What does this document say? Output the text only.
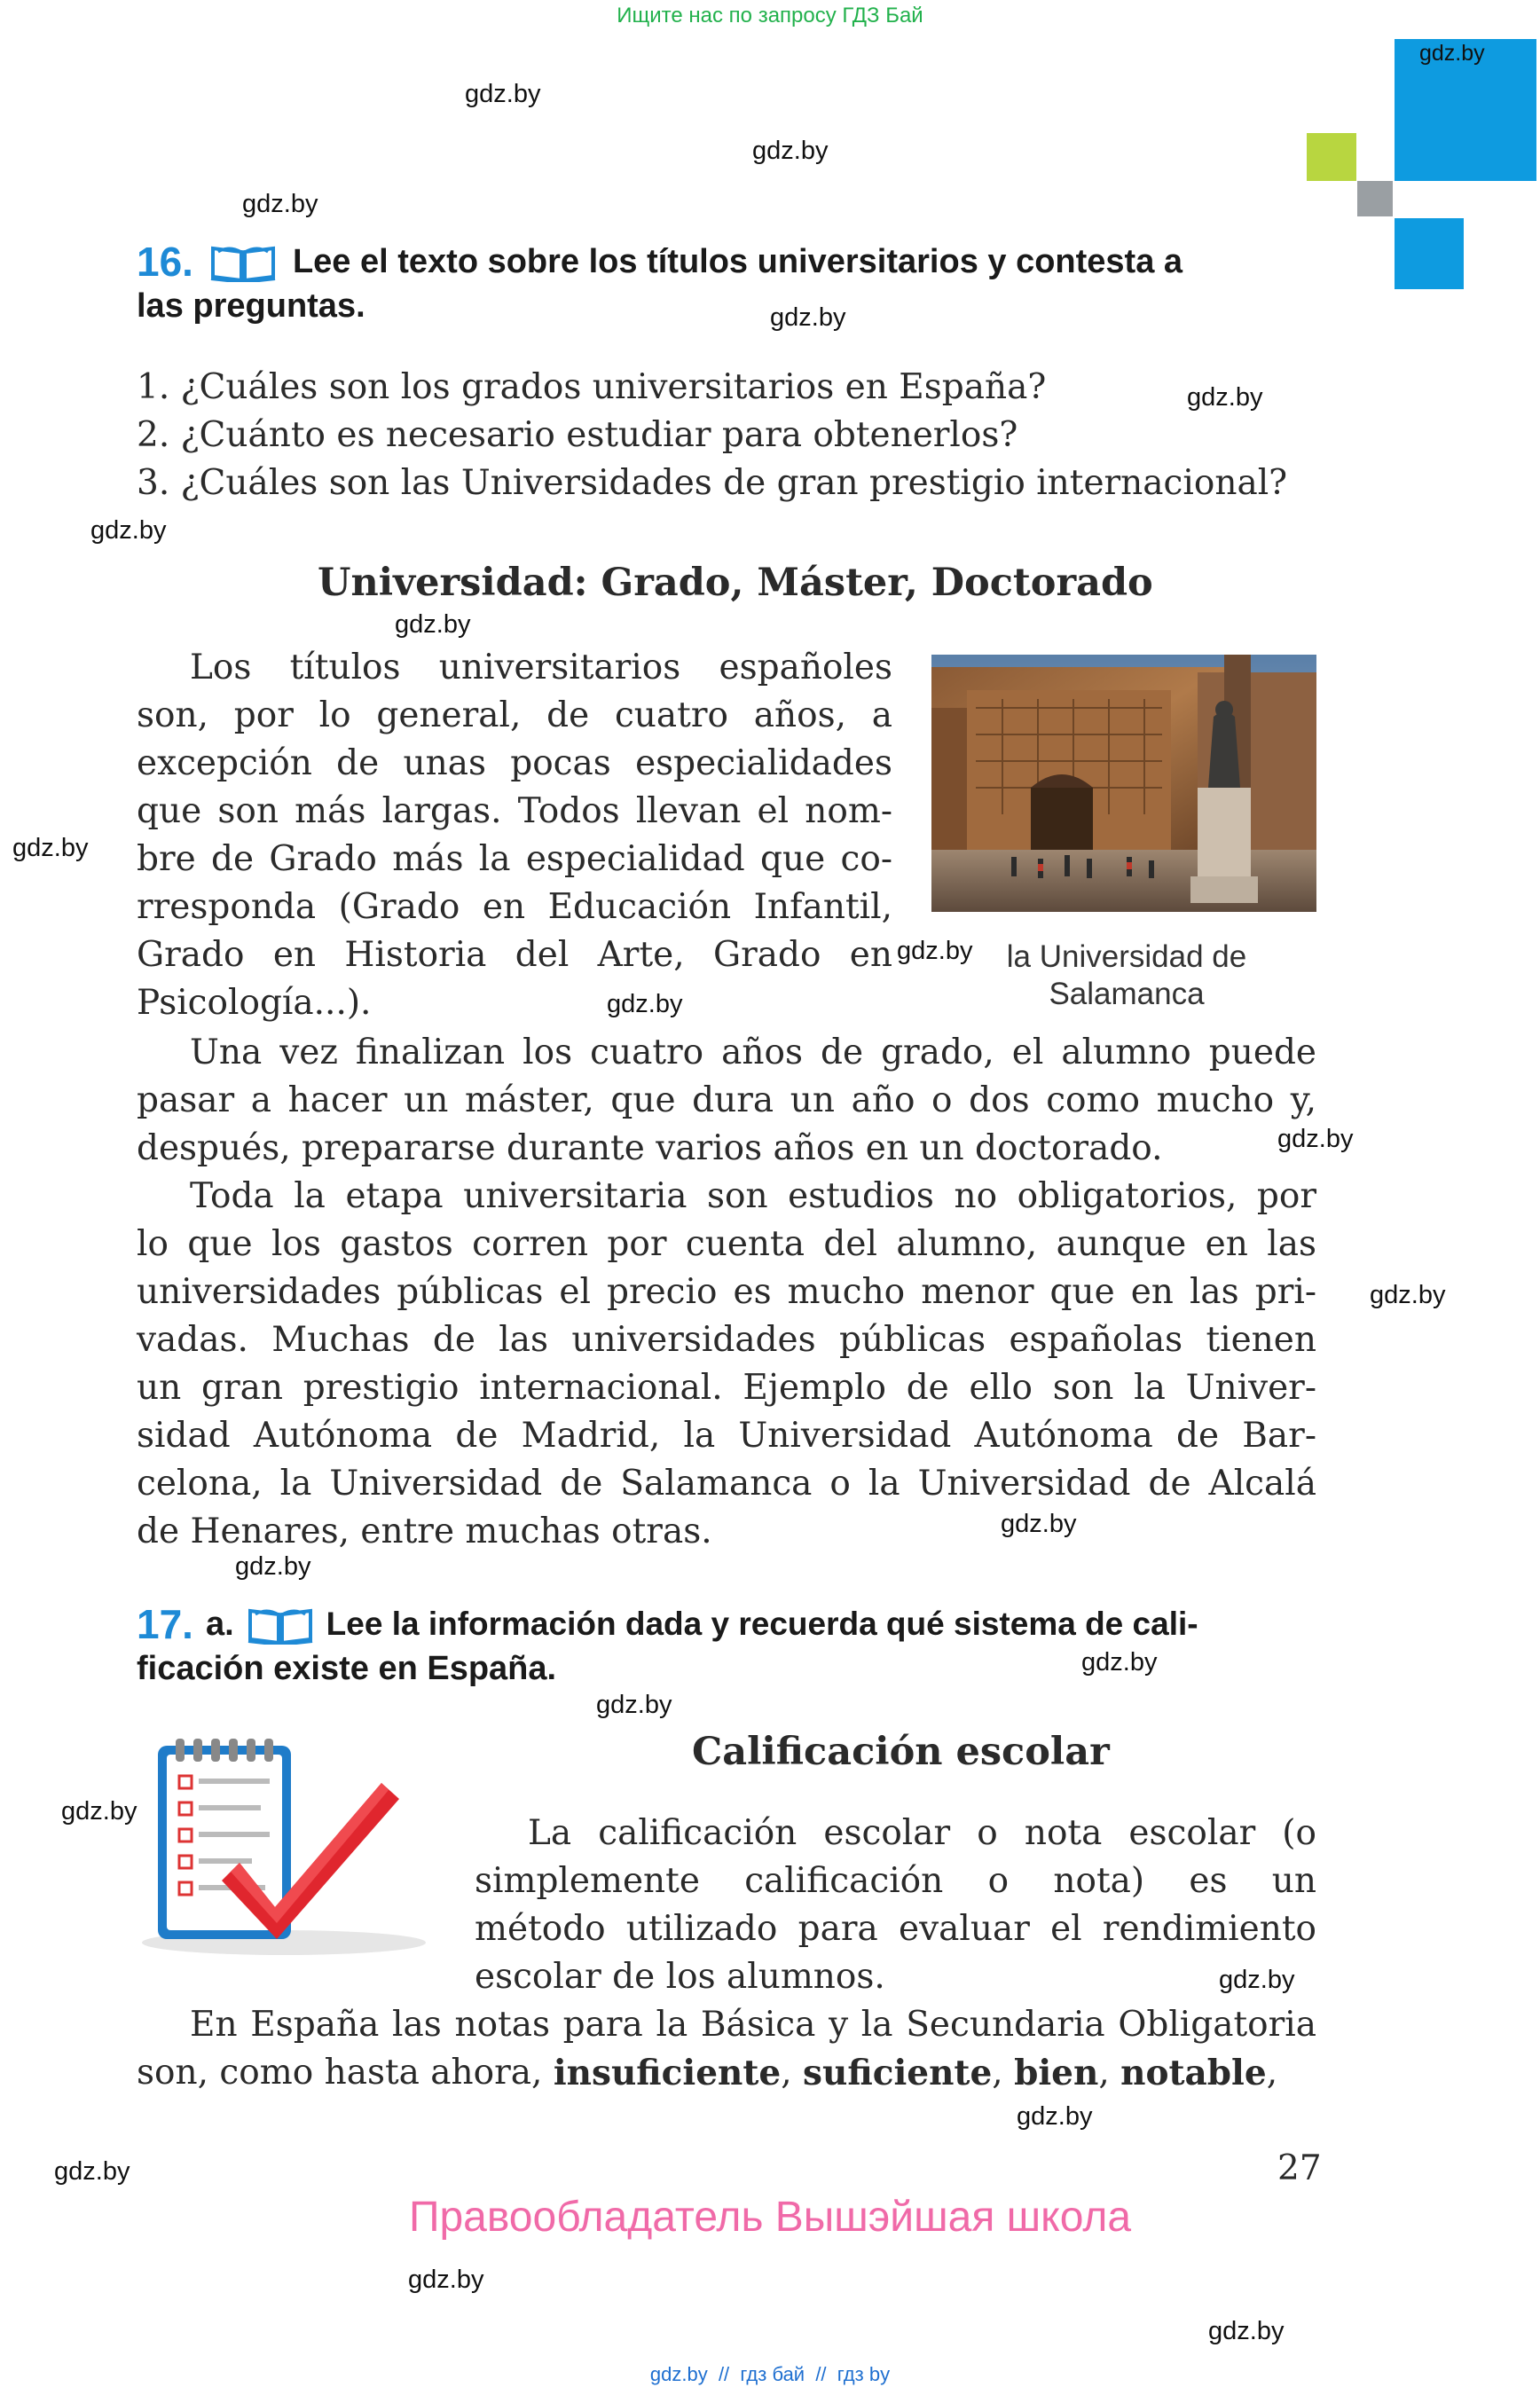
Ищите нас по запросу ГДЗ Бай
gdz.by
gdz.by
gdz.by
gdz.by
gdz.by
gdz.by
gdz.by
gdz.by
gdz.by
gdz.by
gdz.by
gdz.by
gdz.by
gdz.by
gdz.by
gdz.by
gdz.by
gdz.by
gdz.by
gdz.by
gdz.by
gdz.by
gdz.by
16.	Lee el texto sobre los títulos universitarios y contesta a
las preguntas.
1. ¿Cuáles son los grados universitarios en España?
2. ¿Cuánto es necesario estudiar para obtenerlos?
3. ¿Cuáles son las Universidades de gran prestigio internacional?
Universidad: Grado, Máster, Doctorado
Los títulos universitarios españoles
son, por lo general, de cuatro años, a
excepción de unas pocas especialidades
que son más largas. Todos llevan el nom-
bre de Grado más la especialidad que co-
rresponda (Grado en Educación Infantil,
Grado en Historia del Arte, Grado en
Psicología...).
la Universidad de
Salamanca
Una vez finalizan los cuatro años de grado, el alumno puede
pasar a hacer un máster, que dura un año o dos como mucho y,
después, prepararse durante varios años en un doctorado.
Toda la etapa universitaria son estudios no obligatorios, por
lo que los gastos corren por cuenta del alumno, aunque en las
universidades públicas el precio es mucho menor que en las pri-
vadas. Muchas de las universidades públicas españolas tienen
un gran prestigio internacional. Ejemplo de ello son la Univer-
sidad Autónoma de Madrid, la Universidad Autónoma de Bar-
celona, la Universidad de Salamanca o la Universidad de Alcalá
de Henares, entre muchas otras.
17. a.	Lee la información dada y recuerda qué sistema de cali-
ficación existe en España.
Calificación escolar
La calificación escolar o nota escolar (o
simplemente calificación o nota) es un
método utilizado para evaluar el rendimiento
escolar de los alumnos.
En España las notas para la Básica y la Secundaria Obligatoria
son, como hasta ahora, insuficiente , suficiente , bien , notable ,
27
Правообладатель Вышэйшая школа
gdz.by  //  гдз бай  //  гдз by
